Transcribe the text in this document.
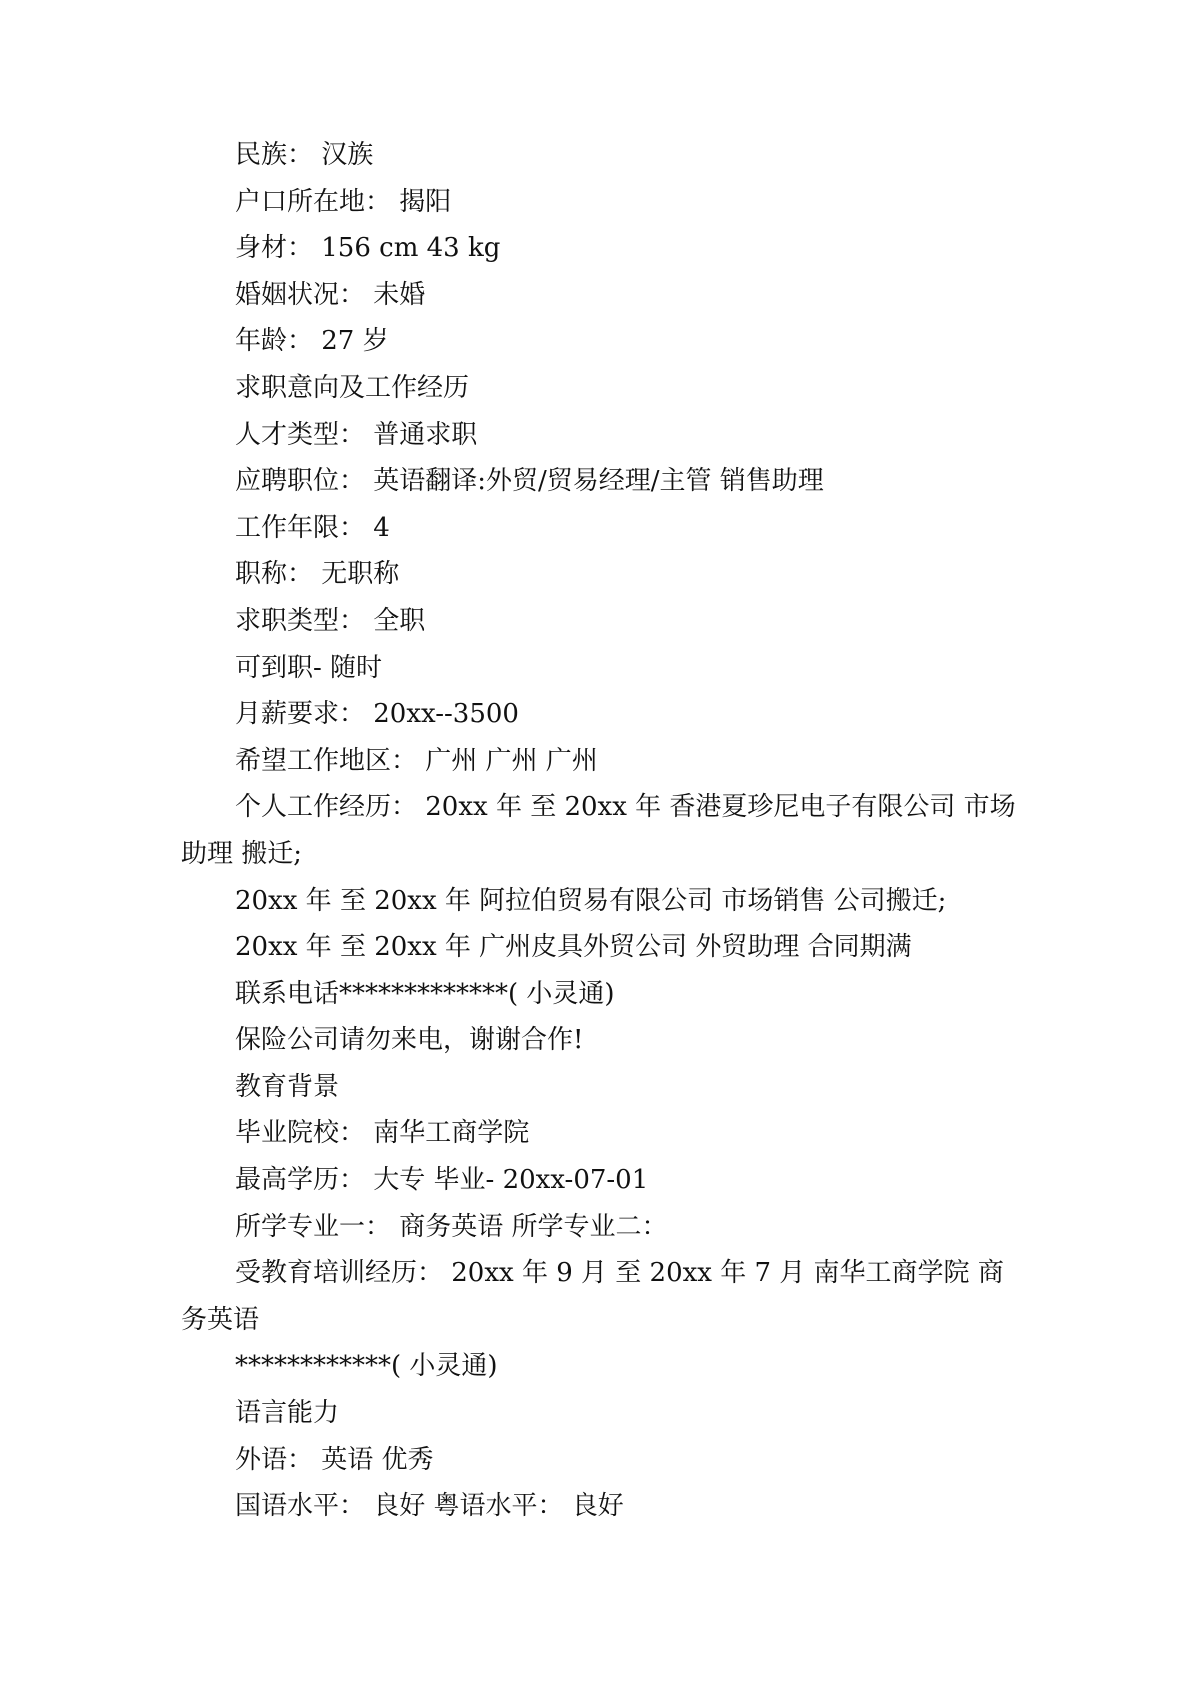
民族： 汉族

户口所在地： 揭阳

身材： 156 cm 43 kg

婚姻状况： 未婚

年龄： 27 岁

求职意向及工作经历

人才类型： 普通求职

应聘职位： 英语翻译:外贸/贸易经理/主管 销售助理

工作年限： 4

职称： 无职称

求职类型： 全职

可到职- 随时

月薪要求： 20xx--3500

希望工作地区： 广州 广州 广州

个人工作经历： 20xx 年 至 20xx 年 香港夏珍尼电子有限公司 市场助理 搬迁;

20xx 年 至 20xx 年 阿拉伯贸易有限公司 市场销售 公司搬迁;

20xx 年 至 20xx 年 广州皮具外贸公司 外贸助理 合同期满

联系电话*************( 小灵通)

保险公司请勿来电，谢谢合作!

教育背景

毕业院校： 南华工商学院

最高学历： 大专 毕业- 20xx-07-01

所学专业一： 商务英语 所学专业二：

受教育培训经历： 20xx 年 9 月 至 20xx 年 7 月 南华工商学院 商务英语

************( 小灵通)

语言能力

外语： 英语 优秀

国语水平： 良好 粤语水平： 良好
